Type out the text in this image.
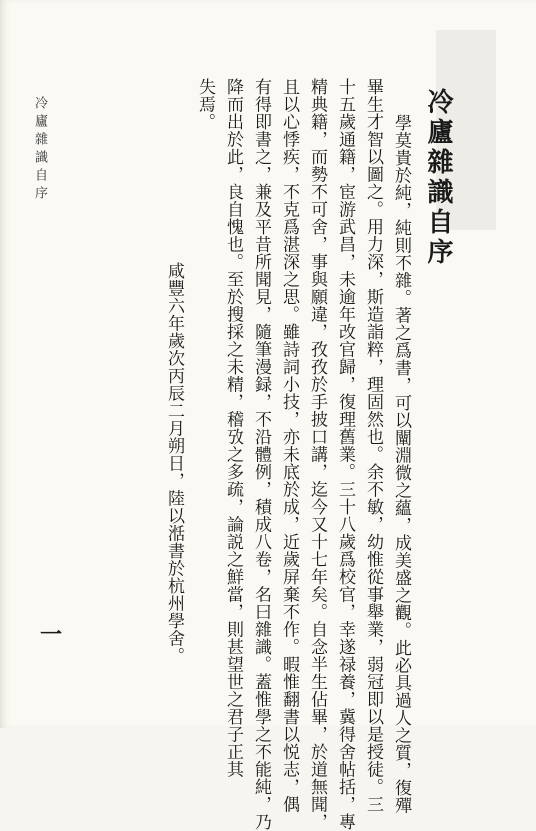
冷廬雜識自序
學莫貴於純，純則不雜。著之爲書，可以闡淵微之蘊，成美盛之觀。此必具過人之質，復殫
畢生才智以圖之。用力深，斯造詣粹，理固然也。余不敏，幼惟從事舉業，弱冠即以是授徒。三
十五歲通籍，宦游武昌，未逾年改官歸，復理舊業。三十八歲爲校官，幸遂禄養，冀得舍帖括，專
精典籍，而勢不可舍，事與願違，孜孜於手披口講，迄今又十七年矣。自念半生佔畢，於道無聞，
且以心悸疾，不克爲湛深之思。雖詩詞小技，亦未底於成，近歲屏棄不作。暇惟翻書以悦志，偶
有得即書之，兼及平昔所聞見，隨筆漫録，不沿體例，積成八卷，名曰雜識。蓋惟學之不能純，乃
降而出於此，良自愧也。至於搜採之未精，稽攷之多疏，論説之鮮當，則甚望世之君子正其
失焉。
咸豐六年歲次丙辰二月朔日，陸以湉書於杭州學舍。
冷廬雜識自序
一
